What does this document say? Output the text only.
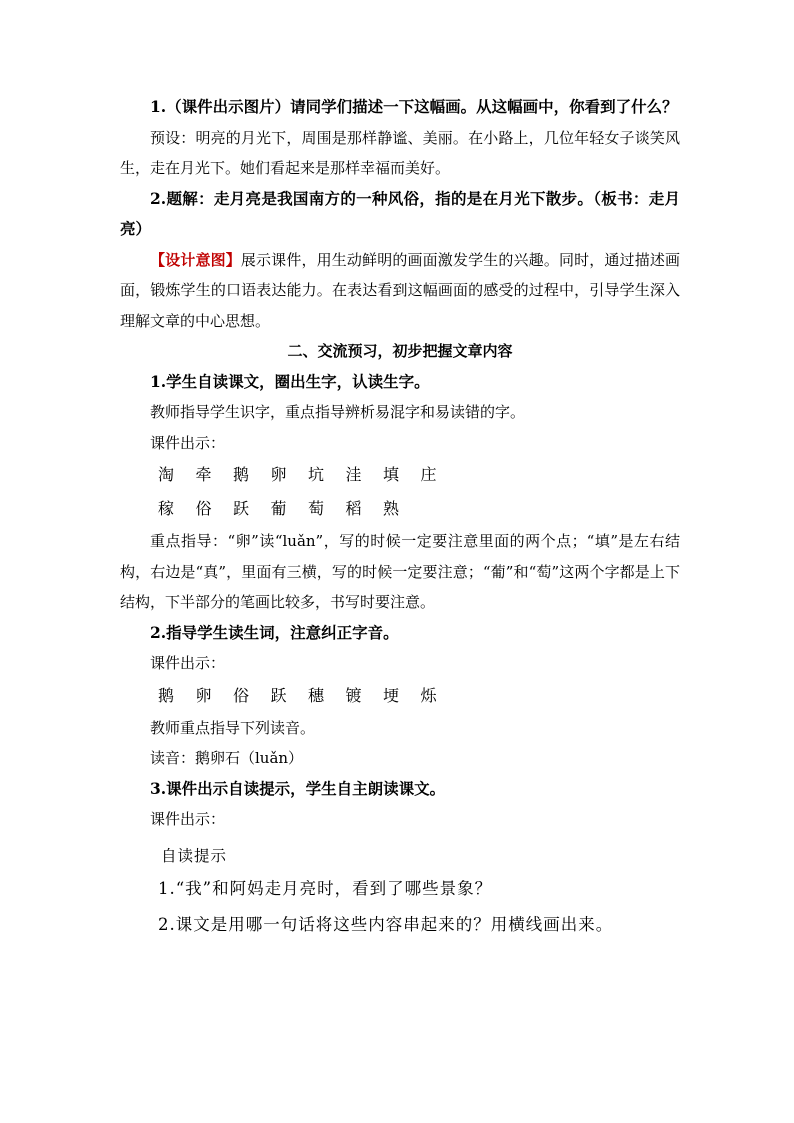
1.（课件出示图片）请同学们描述一下这幅画。从这幅画中，你看到了什么？

预设：明亮的月光下，周围是那样静谧、美丽。在小路上，几位年轻女子谈笑风生，走在月光下。她们看起来是那样幸福而美好。

2.题解：走月亮是我国南方的一种风俗，指的是在月光下散步。（板书：走月亮）

【设计意图】展示课件，用生动鲜明的画面激发学生的兴趣。同时，通过描述画面，锻炼学生的口语表达能力。在表达看到这幅画面的感受的过程中，引导学生深入理解文章的中心思想。

二、交流预习，初步把握文章内容

1.学生自读课文，圈出生字，认读生字。

教师指导学生识字，重点指导辨析易混字和易读错的字。

课件出示：

淘 牵 鹅 卵 坑 洼 填 庄

稼 俗 跃 葡 萄 稻 熟

重点指导：“卵”读“luǎn”，写的时候一定要注意里面的两个点；“填”是左右结构，右边是“真”，里面有三横，写的时候一定要注意；“葡”和“萄”这两个字都是上下结构，下半部分的笔画比较多，书写时要注意。

2.指导学生读生词，注意纠正字音。

课件出示：

鹅 卵 俗 跃 穗 镀 埂 烁

教师重点指导下列读音。

读音：鹅卵石（luǎn）

3.课件出示自读提示，学生自主朗读课文。

课件出示：

自读提示

1.“我”和阿妈走月亮时，看到了哪些景象？

2.课文是用哪一句话将这些内容串起来的？用横线画出来。
